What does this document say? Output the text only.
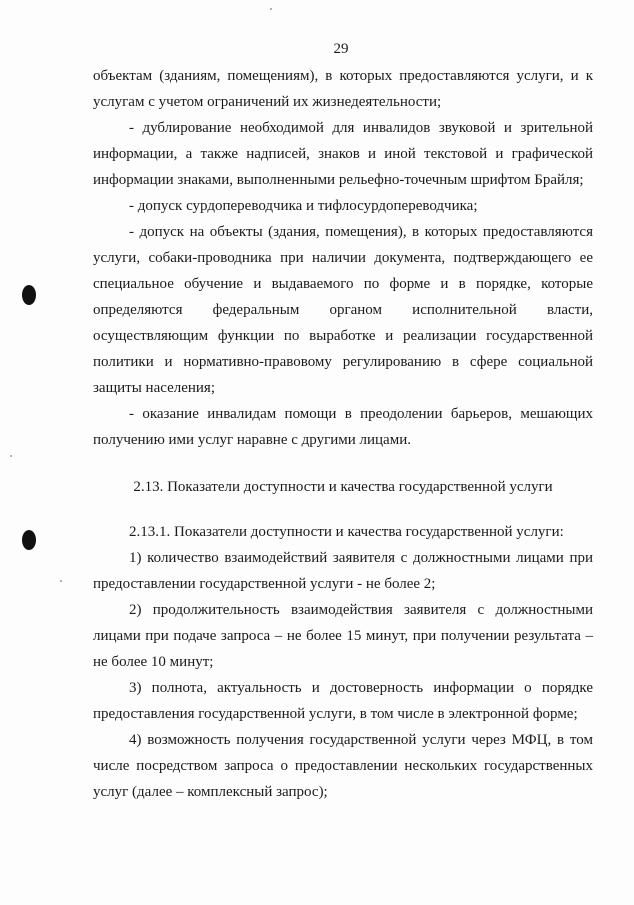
29

объектам (зданиям, помещениям), в которых предоставляются услуги, и к
услугам с учетом ограничений их жизнедеятельности;

- дублирование необходимой для инвалидов звуковой и зрительной
информации, а также надписей, знаков и иной текстовой и графической
информации знаками, выполненными рельефно-точечным шрифтом Брайля;

- допуск сурдопереводчика и тифлосурдопереводчика;

- допуск на объекты (здания, помещения), в которых предоставляются
услуги, собаки-проводника при наличии документа, подтверждающего ее
специальное обучение и выдаваемого по форме и в порядке, которые
определяются федеральным органом исполнительной власти,
осуществляющим функции по выработке и реализации государственной
политики и нормативно-правовому регулированию в сфере социальной
защиты населения;

- оказание инвалидам помощи в преодолении барьеров, мешающих
получению ими услуг наравне с другими лицами.

2.13. Показатели доступности и качества государственной услуги

2.13.1. Показатели доступности и качества государственной услуги:

1) количество взаимодействий заявителя с должностными лицами при
предоставлении государственной услуги - не более 2;

2) продолжительность взаимодействия заявителя с должностными
лицами при подаче запроса – не более 15 минут, при получении результата –
не более 10 минут;

3) полнота, актуальность и достоверность информации о порядке
предоставления государственной услуги, в том числе в электронной форме;

4) возможность получения государственной услуги через МФЦ, в том
числе посредством запроса о предоставлении нескольких государственных
услуг (далее – комплексный запрос);
